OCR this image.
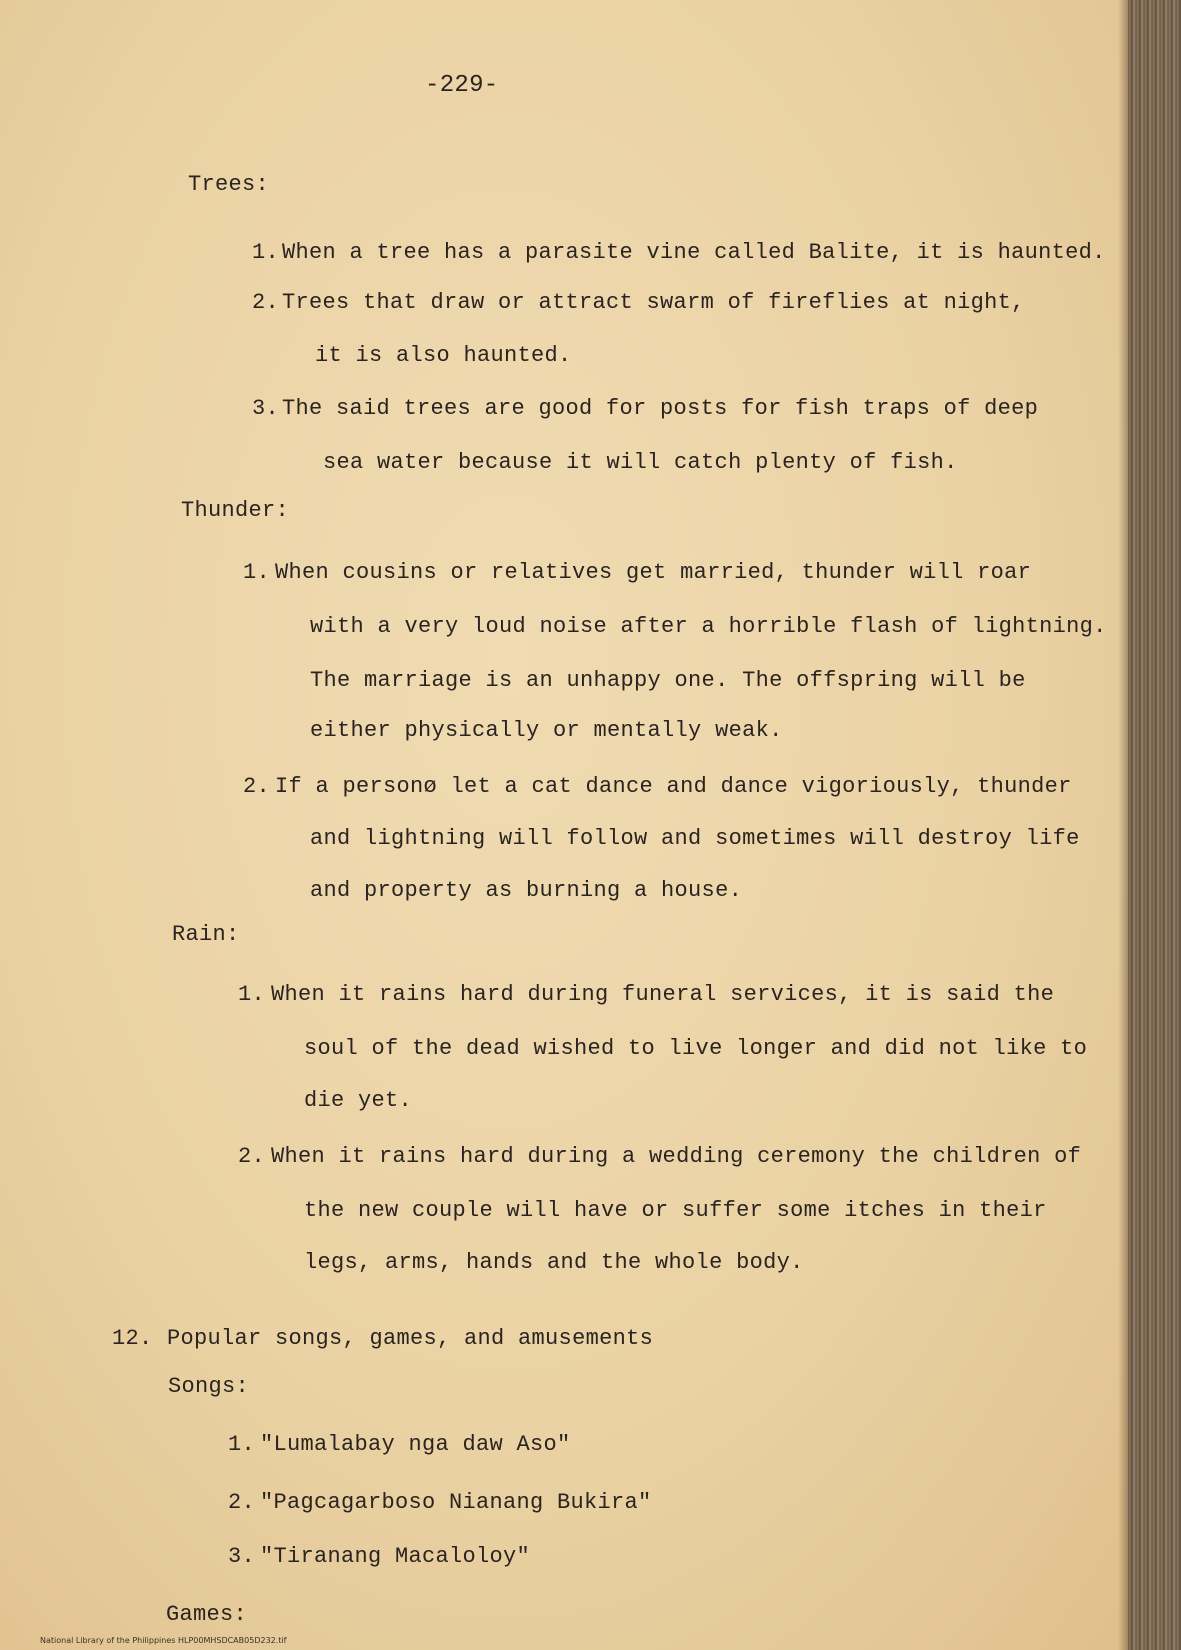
-229-
Trees:
1. When a tree has a parasite vine called Balite, it is haunted.
2. Trees that draw or attract swarm of fireflies at night,
it is also haunted.
3. The said trees are good for posts for fish traps of deep
sea water because it will catch plenty of fish.
Thunder:
1. When cousins or relatives get married, thunder will roar
with a very loud noise after a horrible flash of lightning.
The marriage is an unhappy one. The offspring will be
either physically or mentally weak.
2. If a personø let a cat dance and dance vigoriously, thunder
and lightning will follow and sometimes will destroy life
and property as burning a house.
Rain:
1. When it rains hard during funeral services, it is said the
soul of the dead wished to live longer and did not like to
die yet.
2. When it rains hard during a wedding ceremony the children of
the new couple will have or suffer some itches in their
legs, arms, hands and the whole body.
12. Popular songs, games, and amusements
Songs:
1. "Lumalabay nga daw Aso"
2. "Pagcagarboso Nianang Bukira"
3. "Tiranang Macaloloy"
Games:
National Library of the Philippines HLP00MHSDCAB05D232.tif
